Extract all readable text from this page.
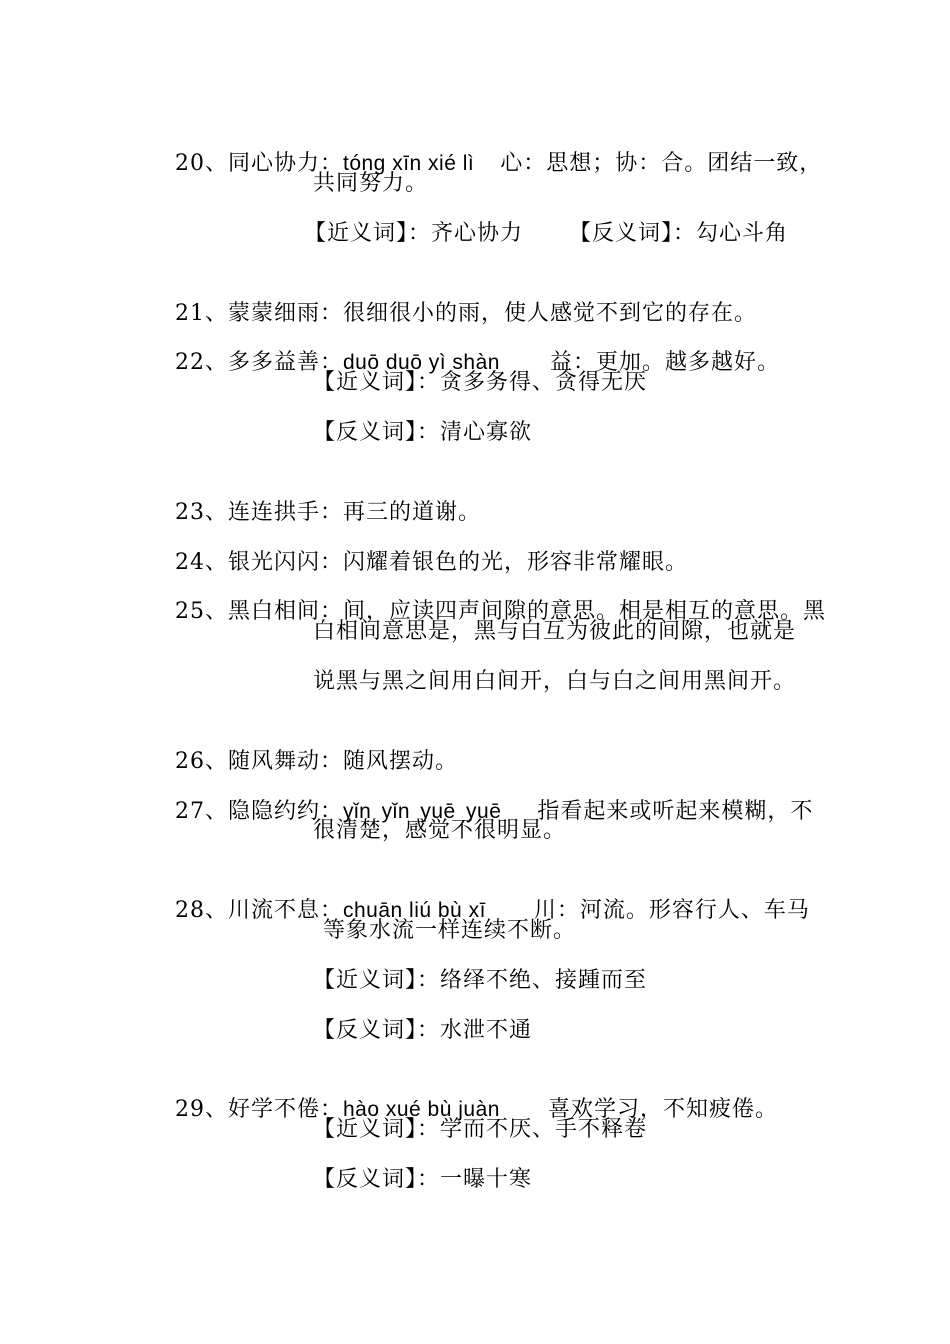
20、同心协力：tóng xīn xié lì 心：思想；协：合。团结一致，

共同努力。
【近义词】：齐心协力 【反义词】：勾心斗角

21、蒙蒙细雨：很细很小的雨，使人感觉不到它的存在。

22、多多益善：duō duō yì shàn 益：更加。越多越好。

【近义词】：贪多务得、贪得无厌
【反义词】：清心寡欲

23、连连拱手：再三的道谢。

24、银光闪闪：闪耀着银色的光，形容非常耀眼。

25、黑白相间：间，应读四声间隙的意思。相是相互的意思。黑

白相间意思是，黑与白互为彼此的间隙，也就是
说黑与黑之间用白间开，白与白之间用黑间开。

26、随风舞动：随风摆动。

27、隐隐约约：yǐn yǐn yuē yuē 指看起来或听起来模糊，不

很清楚，感觉不很明显。

28、川流不息：chuān liú bù xī 川：河流。形容行人、车马

等象水流一样连续不断。
【近义词】：络绎不绝、接踵而至
【反义词】：水泄不通

29、好学不倦：hào xué bù juàn 喜欢学习，不知疲倦。

【近义词】：学而不厌、手不释卷
【反义词】：一曝十寒
